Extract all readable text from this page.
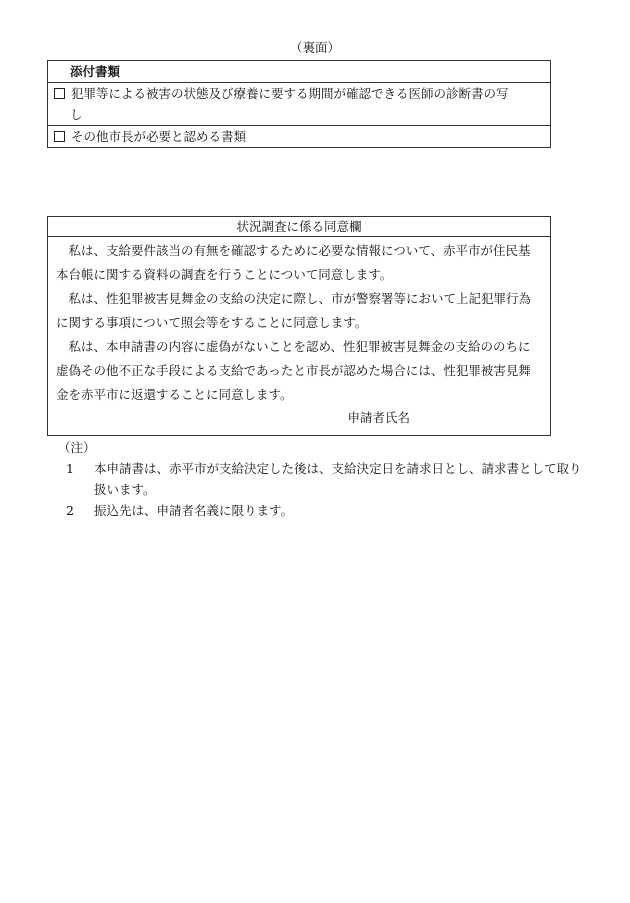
（裏面）
添付書類
犯罪等による被害の状態及び療養に要する期間が確認できる医師の診断書の写
し

その他市長が必要と認める書類
状況調査に係る同意欄

私は、支給要件該当の有無を確認するために必要な情報について、赤平市が住民基本台帳に関する資料の調査を行うことについて同意します。

私は、性犯罪被害見舞金の支給の決定に際し、市が警察署等において上記犯罪行為に関する事項について照会等をすることに同意します。

私は、本申請書の内容に虚偽がないことを認め、性犯罪被害見舞金の支給ののちに虚偽その他不正な手段による支給であったと市長が認めた場合には、性犯罪被害見舞金を赤平市に返還することに同意します。

申請者氏名
（注）
1	本申請書は、赤平市が支給決定した後は、支給決定日を請求日とし、請求書として取り扱います。
2	振込先は、申請者名義に限ります。
